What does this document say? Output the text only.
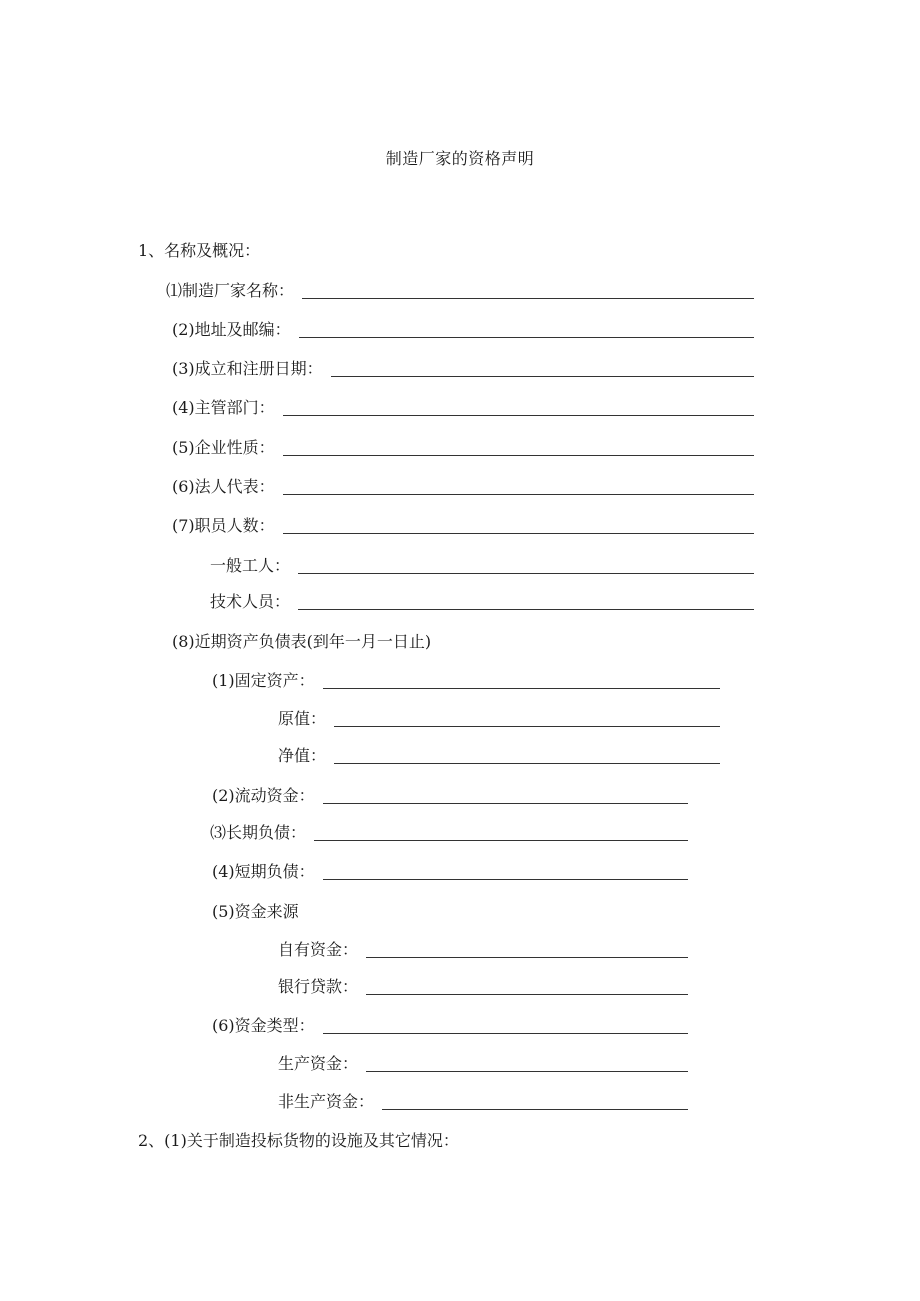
制造厂家的资格声明
1、名称及概况：
⑴制造厂家名称：
(2)地址及邮编：
(3)成立和注册日期：
(4)主管部门：
(5)企业性质：
(6)法人代表：
(7)职员人数：
一般工人：
技术人员：
(8)近期资产负债表(到年一月一日止)
(1)固定资产：
原值：
净值：
(2)流动资金：
⑶长期负债：
(4)短期负债：
(5)资金来源
自有资金：
银行贷款：
(6)资金类型：
生产资金：
非生产资金：
2、(1)关于制造投标货物的设施及其它情况：
